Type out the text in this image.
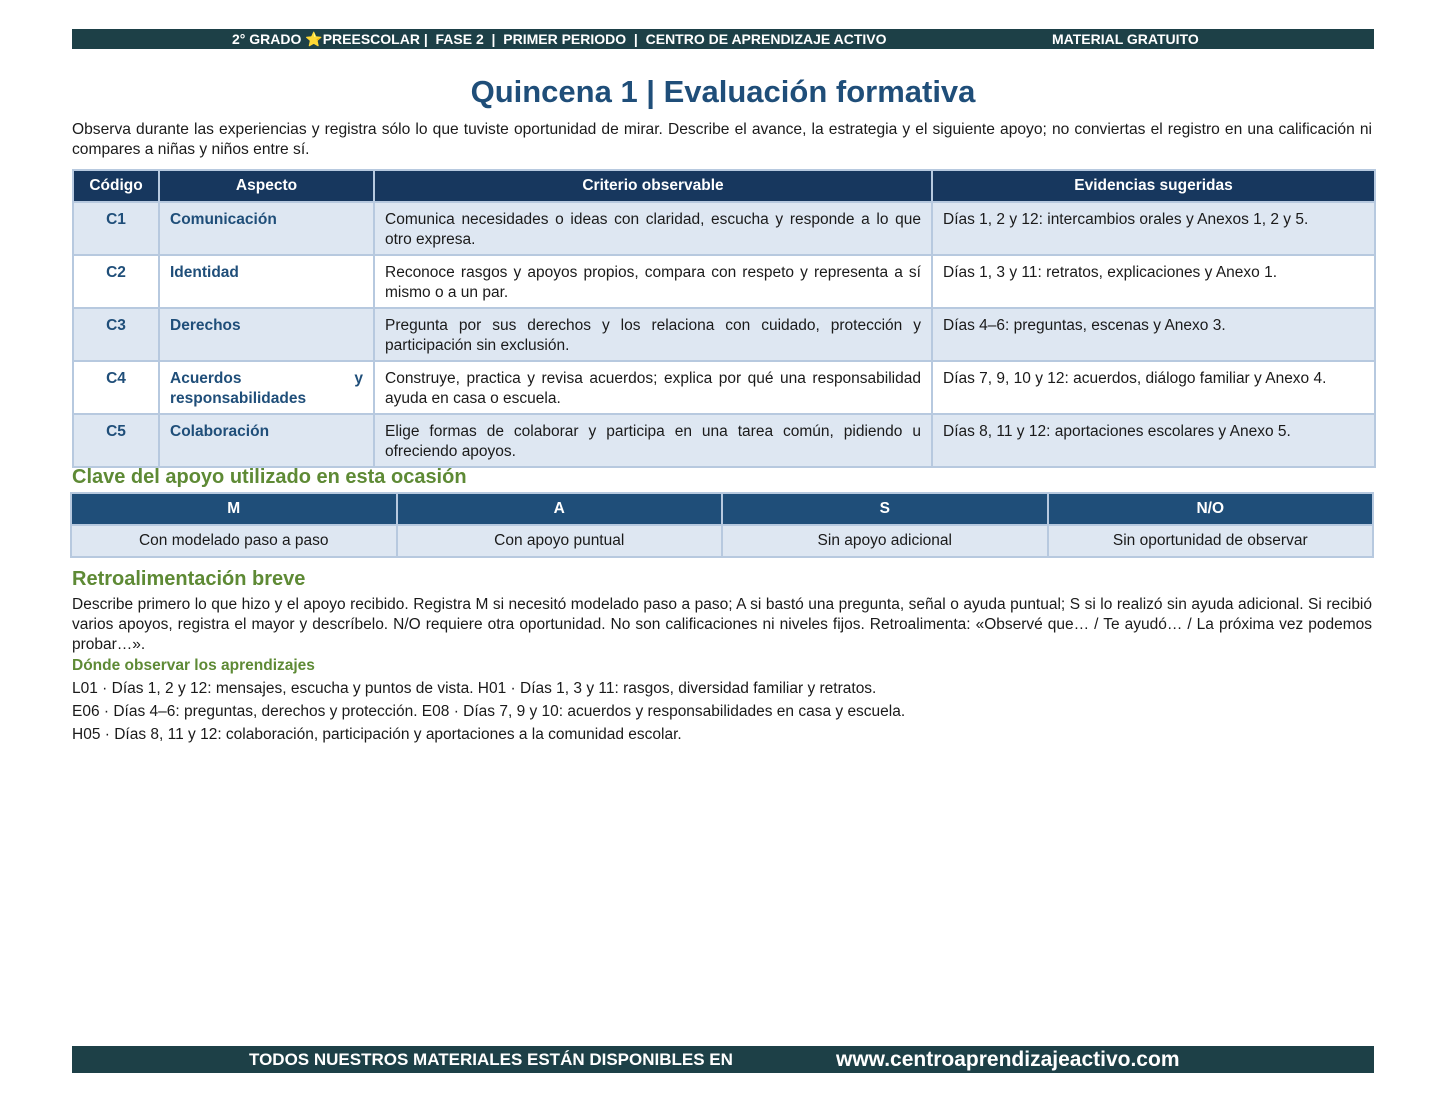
2° GRADO ⭐PREESCOLAR |  FASE 2  |  PRIMER PERIODO  |  CENTRO DE APRENDIZAJE ACTIVO	MATERIAL GRATUITO
Quincena 1 | Evaluación formativa
Observa durante las experiencias y registra sólo lo que tuviste oportunidad de mirar. Describe el avance, la estrategia y el siguiente apoyo; no conviertas el registro en una calificación ni compares a niñas y niños entre sí.
Código	Aspecto	Criterio observable	Evidencias sugeridas
C1	Comunicación	Comunica necesidades o ideas con claridad, escucha y responde a lo que otro expresa.	Días 1, 2 y 12: intercambios orales y Anexos 1, 2 y 5.
C2	Identidad	Reconoce rasgos y apoyos propios, compara con respeto y representa a sí mismo o a un par.	Días 1, 3 y 11: retratos, explicaciones y Anexo 1.
C3	Derechos	Pregunta por sus derechos y los relaciona con cuidado, protección y participación sin exclusión.	Días 4–6: preguntas, escenas y Anexo 3.
C4	Acuerdos y responsabilidades	Construye, practica y revisa acuerdos; explica por qué una responsabilidad ayuda en casa o escuela.	Días 7, 9, 10 y 12: acuerdos, diálogo familiar y Anexo 4.
C5	Colaboración	Elige formas de colaborar y participa en una tarea común, pidiendo u ofreciendo apoyos.	Días 8, 11 y 12: aportaciones escolares y Anexo 5.
Clave del apoyo utilizado en esta ocasión
M	A	S	N/O
Con modelado paso a paso	Con apoyo puntual	Sin apoyo adicional	Sin oportunidad de observar
Retroalimentación breve
Describe primero lo que hizo y el apoyo recibido. Registra M si necesitó modelado paso a paso; A si bastó una pregunta, señal o ayuda puntual; S si lo realizó sin ayuda adicional. Si recibió varios apoyos, registra el mayor y descríbelo. N/O requiere otra oportunidad. No son calificaciones ni niveles fijos. Retroalimenta: «Observé que… / Te ayudó… / La próxima vez podemos probar…».
Dónde observar los aprendizajes
L01 · Días 1, 2 y 12: mensajes, escucha y puntos de vista. H01 · Días 1, 3 y 11: rasgos, diversidad familiar y retratos.
E06 · Días 4–6: preguntas, derechos y protección. E08 · Días 7, 9 y 10: acuerdos y responsabilidades en casa y escuela.
H05 · Días 8, 11 y 12: colaboración, participación y aportaciones a la comunidad escolar.
TODOS NUESTROS MATERIALES ESTÁN DISPONIBLES EN	www.centroaprendizajeactivo.com
